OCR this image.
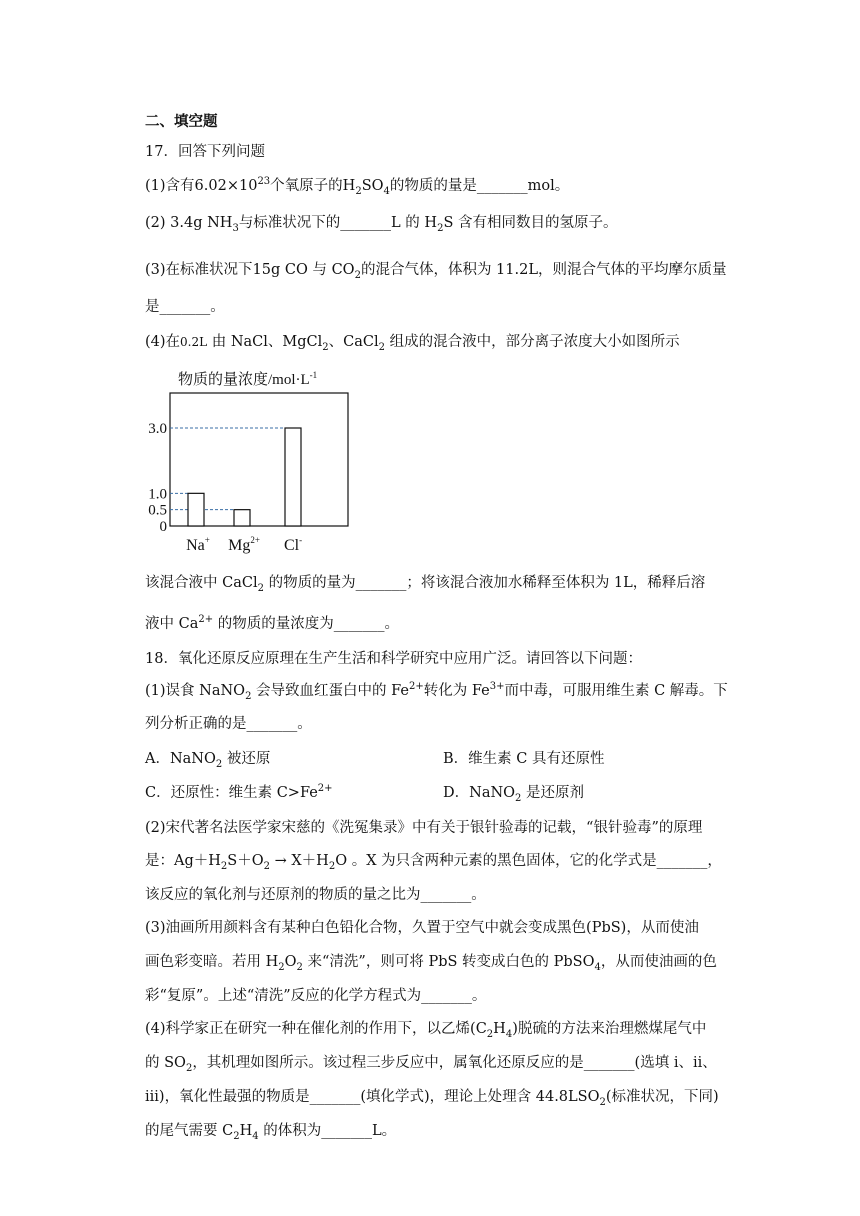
二、填空题
17．回答下列问题
(1)含有$6.02\times 10^{23}$个氧原子的$H_2SO_4$的物质的量是_______mol。
(2) 3.4g $NH_3$与标准状况下的_______L 的 $H_2S$ 含有相同数目的氢原子。
(3)在标准状况下15g CO 与 $CO_2$的混合气体，体积为 11.2L，则混合气体的平均摩尔质量
是_______。
(4)在0.2L 由 NaCl、MgCl$_2$、CaCl$_2$ 组成的混合液中，部分离子浓度大小如图所示
物质的量浓度$/mol\cdot L^{-1}$
0
0.5
1.0
3.0
Na+ $Mg^{2+}$ Cl-
该混合液中 CaCl$_2$ 的物质的量为_______；将该混合液加水稀释至体积为 1L，稀释后溶
液中 $Ca^{2+}$ 的物质的量浓度为_______。
18．氧化还原反应原理在生产生活和科学研究中应用广泛。请回答以下问题：
(1)误食 NaNO$_2$ 会导致血红蛋白中的 $Fe^{2+}$转化为 $Fe^{3+}$而中毒，可服用维生素 C 解毒。下
列分析正确的是_______。
A．NaNO$_2$ 被还原	B．维生素 C 具有还原性
C．还原性：维生素 $C>Fe^{2+}$	D．NaNO$_2$ 是还原剂
(2)宋代著名法医学家宋慈的《洗冤集录》中有关于银针验毒的记载，“银针验毒”的原理
是：$Ag+H_2S+O_2 \to X+H_2O$ 。X 为只含两种元素的黑色固体，它的化学式是_______，
该反应的氧化剂与还原剂的物质的量之比为_______。
(3)油画所用颜料含有某种白色铅化合物，久置于空气中就会变成黑色(PbS)，从而使油
画色彩变暗。若用 $H_2O_2$ 来“清洗”，则可将 PbS 转变成白色的 PbSO$_4$，从而使油画的色
彩“复原”。上述“清洗”反应的化学方程式为_______。
(4)科学家正在研究一种在催化剂的作用下，以乙烯$(C_2H_4)$脱硫的方法来治理燃煤尾气中
的 $SO_2$，其机理如图所示。该过程三步反应中，属氧化还原反应的是_______(选填 i、ii、
iii)，氧化性最强的物质是_______(填化学式)，理论上处理含 $44.8LSO_2$(标准状况，下同)
的尾气需要 $C_2H_4$ 的体积为_______L。
